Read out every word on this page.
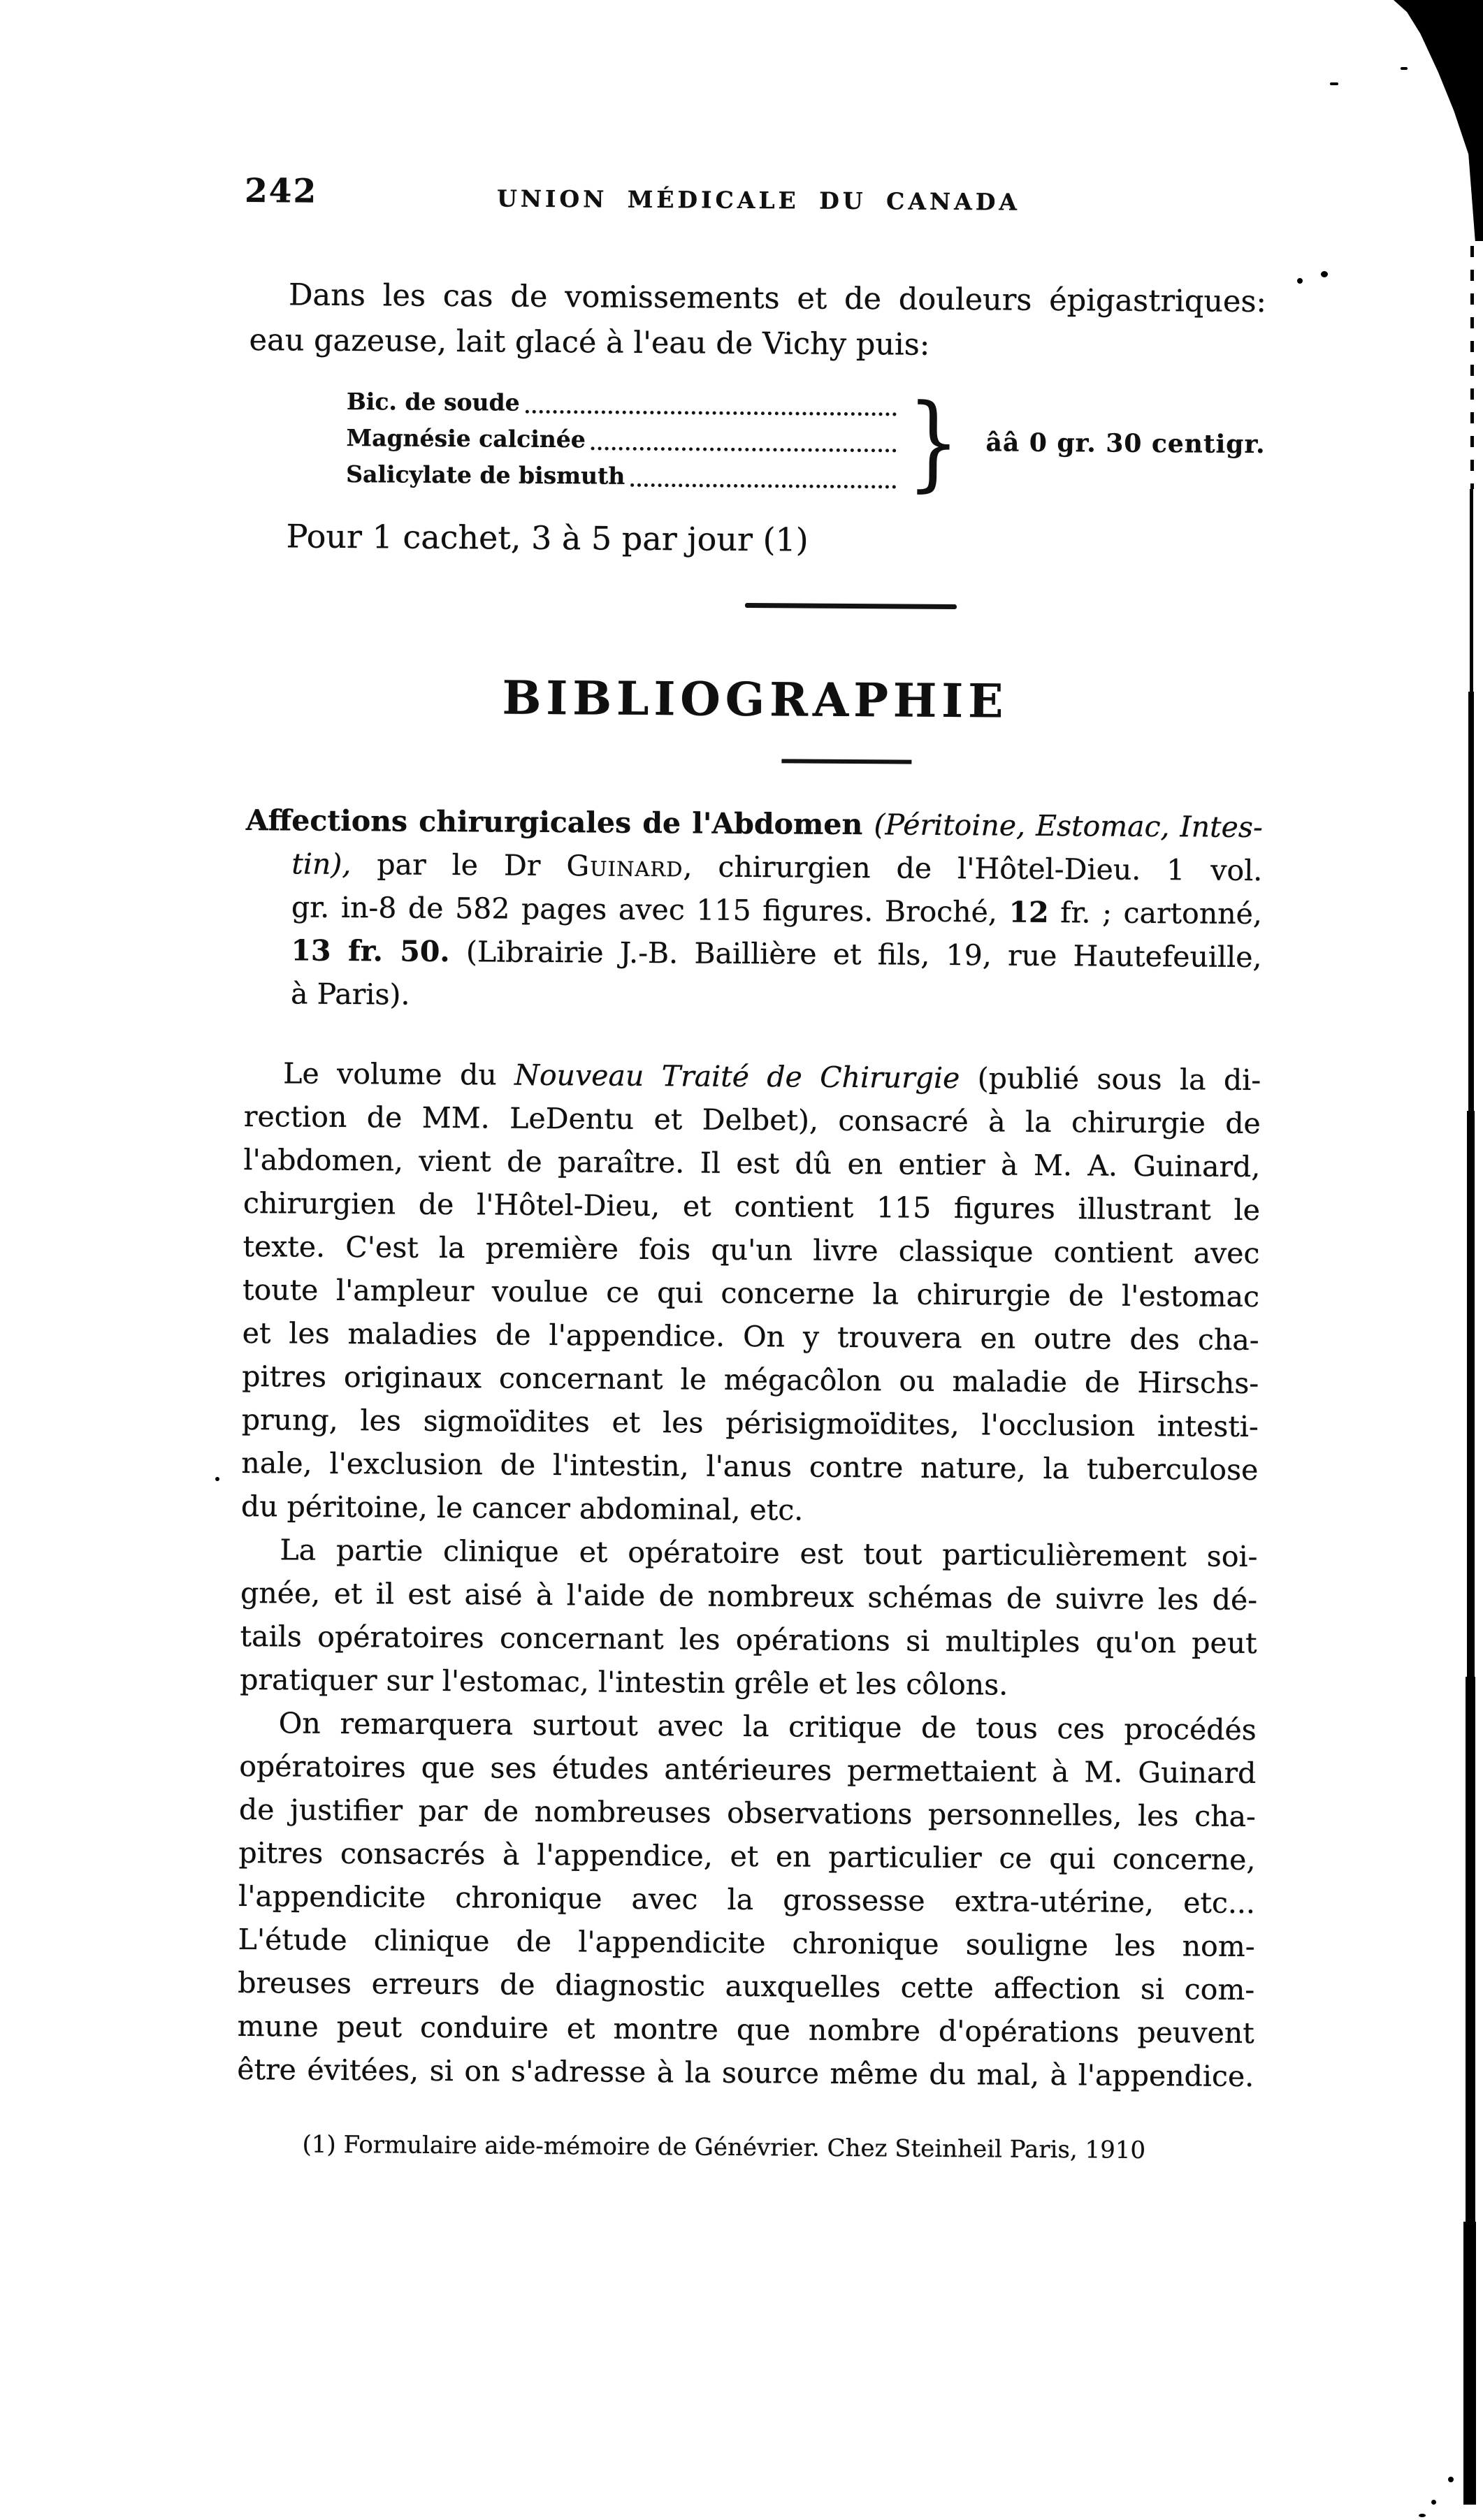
242	UNION MÉDICALE DU CANADA
Dans les cas de vomissements et de douleurs épigastriques:
eau gazeuse, lait glacé à l'eau de Vichy puis:
Bic. de soude
Magnésie calcinée
Salicylate de bismuth	} ââ 0 gr. 30 centigr.
Pour 1 cachet, 3 à 5 par jour (1)
BIBLIOGRAPHIE
Affections chirurgicales de l'Abdomen (Péritoine, Estomac, Intes-
tin), par le Dr Guinard, chirurgien de l'Hôtel-Dieu. 1 vol.
gr. in-8 de 582 pages avec 115 figures. Broché, 12 fr. ; cartonné,
13 fr. 50. (Librairie J.-B. Baillière et fils, 19, rue Hautefeuille,
à Paris).
Le volume du Nouveau Traité de Chirurgie (publié sous la di-
rection de MM. LeDentu et Delbet), consacré à la chirurgie de
l'abdomen, vient de paraître. Il est dû en entier à M. A. Guinard,
chirurgien de l'Hôtel-Dieu, et contient 115 figures illustrant le
texte. C'est la première fois qu'un livre classique contient avec
toute l'ampleur voulue ce qui concerne la chirurgie de l'estomac
et les maladies de l'appendice. On y trouvera en outre des cha-
pitres originaux concernant le mégacôlon ou maladie de Hirschs-
prung, les sigmoïdites et les périsigmoïdites, l'occlusion intesti-
nale, l'exclusion de l'intestin, l'anus contre nature, la tuberculose
du péritoine, le cancer abdominal, etc.
La partie clinique et opératoire est tout particulièrement soi-
gnée, et il est aisé à l'aide de nombreux schémas de suivre les dé-
tails opératoires concernant les opérations si multiples qu'on peut
pratiquer sur l'estomac, l'intestin grêle et les côlons.
On remarquera surtout avec la critique de tous ces procédés
opératoires que ses études antérieures permettaient à M. Guinard
de justifier par de nombreuses observations personnelles, les cha-
pitres consacrés à l'appendice, et en particulier ce qui concerne,
l'appendicite chronique avec la grossesse extra-utérine, etc...
L'étude clinique de l'appendicite chronique souligne les nom-
breuses erreurs de diagnostic auxquelles cette affection si com-
mune peut conduire et montre que nombre d'opérations peuvent
être évitées, si on s'adresse à la source même du mal, à l'appendice.
(1) Formulaire aide-mémoire de Génévrier. Chez Steinheil Paris, 1910
